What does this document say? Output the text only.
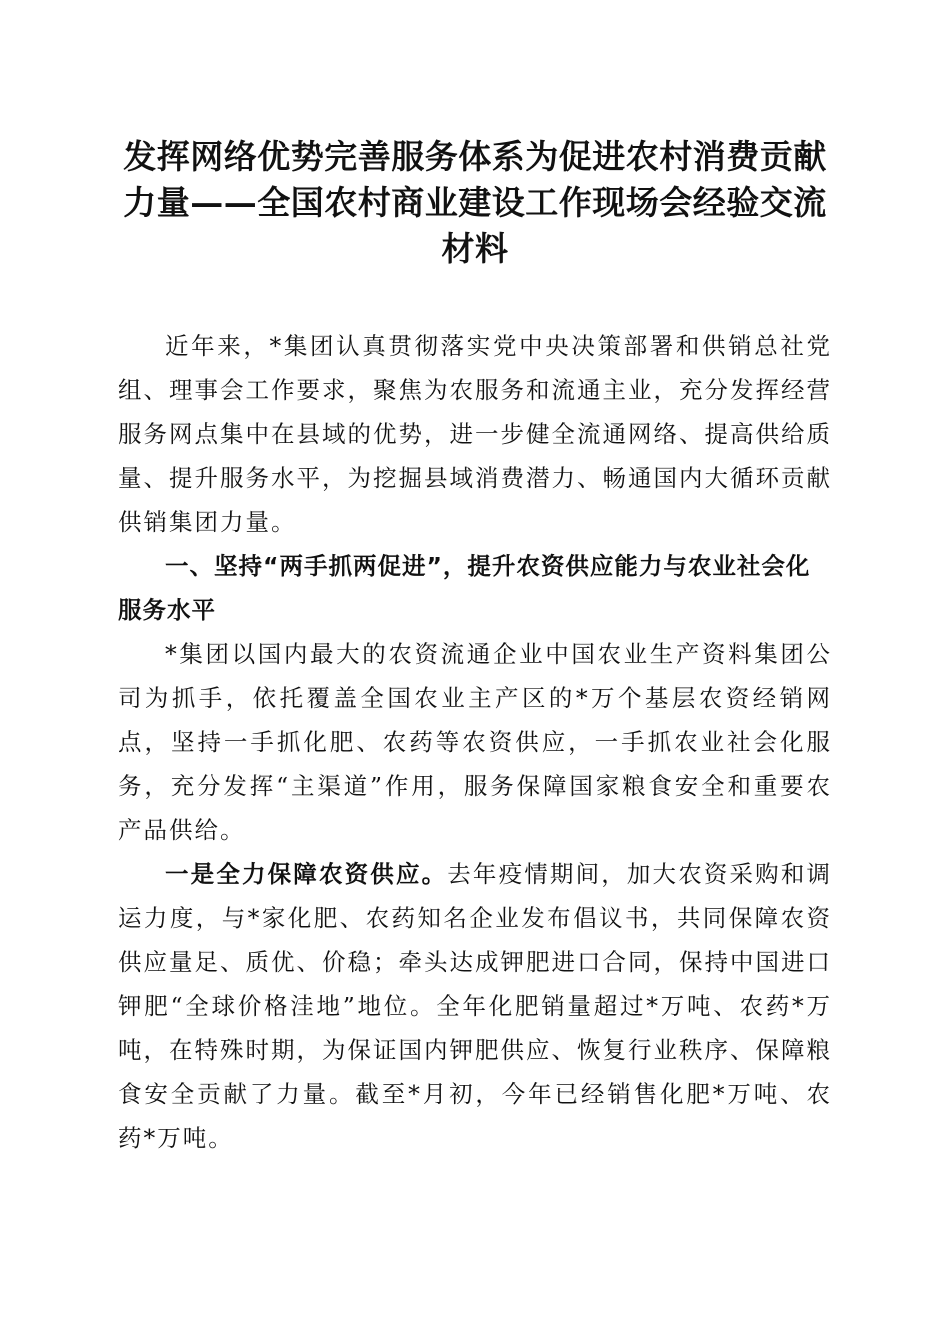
发挥网络优势完善服务体系为促进农村消费贡献力量——全国农村商业建设工作现场会经验交流材料

近年来，*集团认真贯彻落实党中央决策部署和供销总社党组、理事会工作要求，聚焦为农服务和流通主业，充分发挥经营服务网点集中在县域的优势，进一步健全流通网络、提高供给质量、提升服务水平，为挖掘县域消费潜力、畅通国内大循环贡献供销集团力量。

一、坚持“两手抓两促进”，提升农资供应能力与农业社会化服务水平

*集团以国内最大的农资流通企业中国农业生产资料集团公司为抓手，依托覆盖全国农业主产区的*万个基层农资经销网点，坚持一手抓化肥、农药等农资供应，一手抓农业社会化服务，充分发挥“主渠道”作用，服务保障国家粮食安全和重要农产品供给。

一是全力保障农资供应。去年疫情期间，加大农资采购和调运力度，与*家化肥、农药知名企业发布倡议书，共同保障农资供应量足、质优、价稳；牵头达成钾肥进口合同，保持中国进口钾肥“全球价格洼地”地位。全年化肥销量超过*万吨、农药*万吨，在特殊时期，为保证国内钾肥供应、恢复行业秩序、保障粮食安全贡献了力量。截至*月初，今年已经销售化肥*万吨、农药*万吨。
